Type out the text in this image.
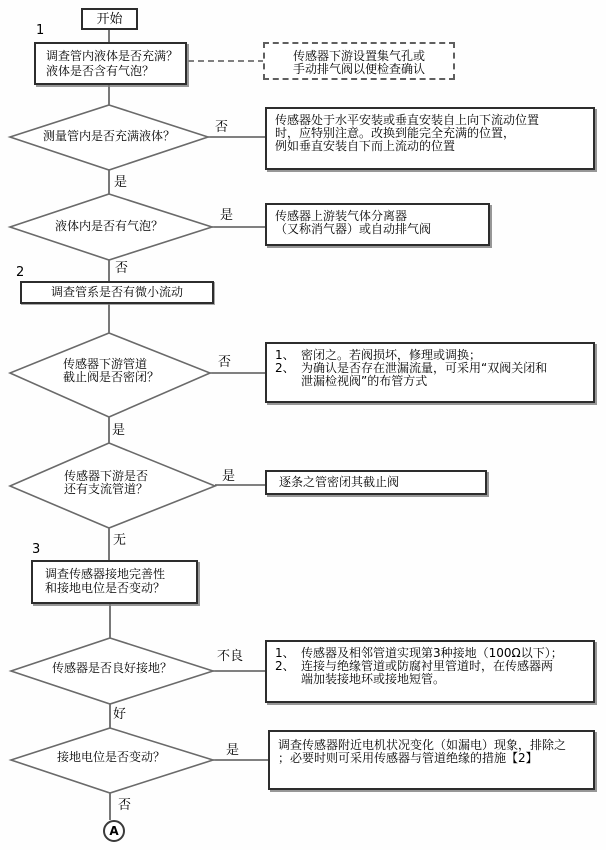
开始
1
2
3
调查管内液体是否充满？
液体是否含有气泡？
传感器下游设置集气孔或
手动排气阀以便检查确认
测量管内是否充满液体？
否
是
传感器处于水平安装或垂直安装自上向下流动位置
时，应特别注意。改换到能完全充满的位置，
例如垂直安装自下而上流动的位置
液体内是否有气泡？
是
否
传感器上游装气体分离器
（又称消气器）或自动排气阀
调查管系是否有微小流动
传感器下游管道
截止阀是否密闭？
否
是
1、 密闭之。若阀损坏，修理或调换；
2、 为确认是否存在泄漏流量，可采用“双阀关闭和
泄漏检视阀”的布管方式
传感器下游是否
还有支流管道？
是
无
逐条之管密闭其截止阀
调查传感器接地完善性
和接地电位是否变动？
传感器是否良好接地？
不良
好
1、 传感器及相邻管道实现第3种接地（100Ω以下）；
2、 连接与绝缘管道或防腐衬里管道时，在传感器两
端加装接地环或接地短管。
接地电位是否变动？	是
否
调查传感器附近电机状况变化（如漏电）现象，排除之
；必要时则可采用传感器与管道绝缘的措施【2】
A
